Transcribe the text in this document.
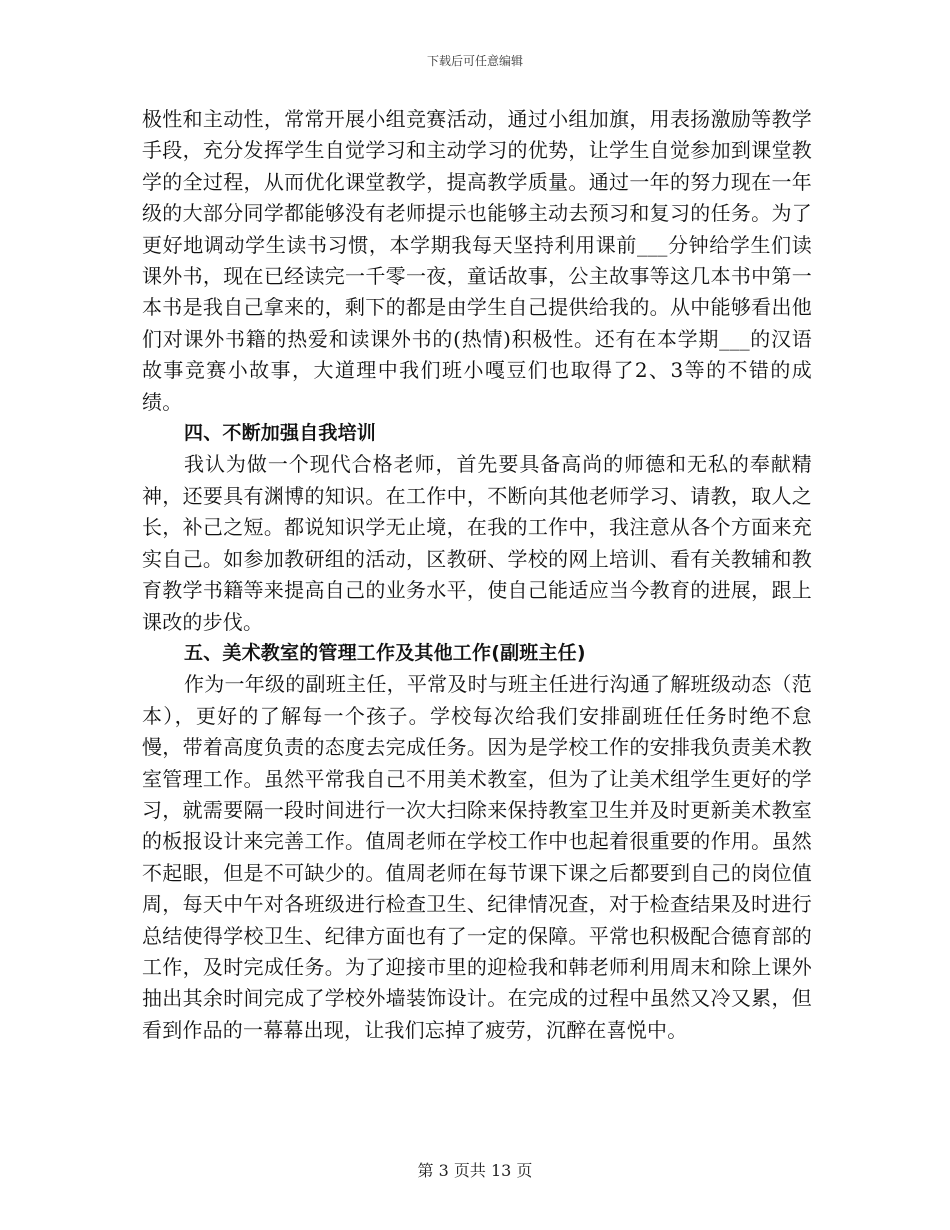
下载后可任意编辑

极性和主动性，常常开展小组竞赛活动，通过小组加旗，用表扬激励等教学手段，充分发挥学生自觉学习和主动学习的优势，让学生自觉参加到课堂教学的全过程，从而优化课堂教学，提高教学质量。通过一年的努力现在一年级的大部分同学都能够没有老师提示也能够主动去预习和复习的任务。为了更好地调动学生读书习惯，本学期我每天坚持利用课前___分钟给学生们读课外书，现在已经读完一千零一夜，童话故事，公主故事等这几本书中第一本书是我自己拿来的，剩下的都是由学生自己提供给我的。从中能够看出他们对课外书籍的热爱和读课外书的(热情)积极性。还有在本学期___的汉语故事竞赛小故事，大道理中我们班小嘎豆们也取得了2、3等的不错的成绩。

四、不断加强自我培训

我认为做一个现代合格老师，首先要具备高尚的师德和无私的奉献精神，还要具有渊博的知识。在工作中，不断向其他老师学习、请教，取人之长，补己之短。都说知识学无止境，在我的工作中，我注意从各个方面来充实自己。如参加教研组的活动，区教研、学校的网上培训、看有关教辅和教育教学书籍等来提高自己的业务水平，使自己能适应当今教育的进展，跟上课改的步伐。

五、美术教室的管理工作及其他工作(副班主任)

作为一年级的副班主任，平常及时与班主任进行沟通了解班级动态（范本），更好的了解每一个孩子。学校每次给我们安排副班任任务时绝不怠慢，带着高度负责的态度去完成任务。因为是学校工作的安排我负责美术教室管理工作。虽然平常我自己不用美术教室，但为了让美术组学生更好的学习，就需要隔一段时间进行一次大扫除来保持教室卫生并及时更新美术教室的板报设计来完善工作。值周老师在学校工作中也起着很重要的作用。虽然不起眼，但是不可缺少的。值周老师在每节课下课之后都要到自己的岗位值周，每天中午对各班级进行检查卫生、纪律情况查，对于检查结果及时进行总结使得学校卫生、纪律方面也有了一定的保障。平常也积极配合德育部的工作，及时完成任务。为了迎接市里的迎检我和韩老师利用周末和除上课外抽出其余时间完成了学校外墙装饰设计。在完成的过程中虽然又冷又累，但看到作品的一幕幕出现，让我们忘掉了疲劳，沉醉在喜悦中。

第 3 页共 13 页
